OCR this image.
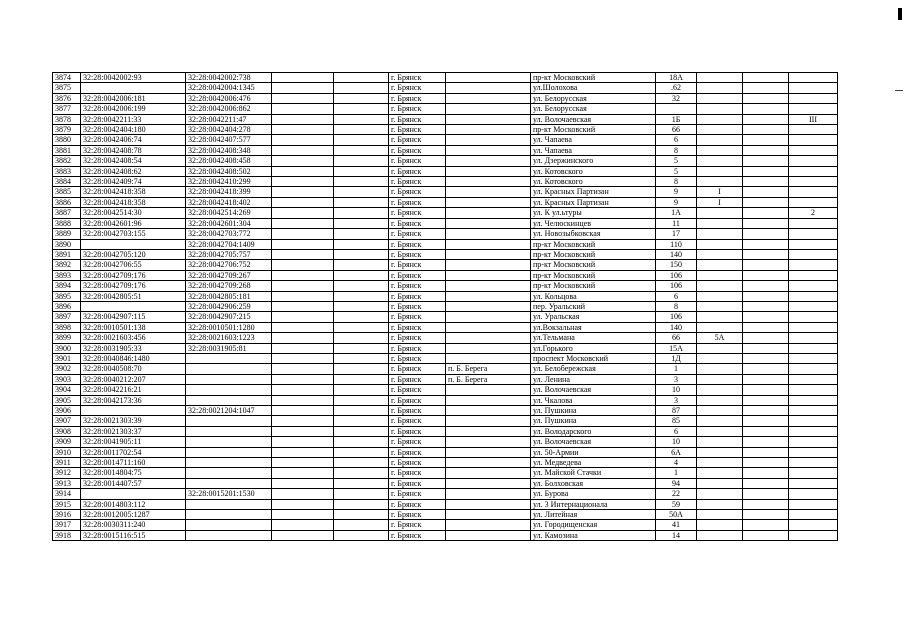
3874	32:28:0042002:93	32:28:0042002:738			г. Брянск		пр-кт Московский	18А			
3875		32:28:0042004:1345			г. Брянск		ул.Шолохова	.62			
3876	32:28:0042006:181	32:28:0042006:476			г. Брянск		ул. Белорусская	32			
3877	32:28:0042006:199	32:28:0042006:862			г. Брянск		ул. Белорусская				
3878	32:28:0042211:33	32:28:0042211:47			г. Брянск		ул. Волочаевская	1Б			III
3879	32:28:0042404:180	32:28:0042404:278			г. Брянск		пр-кт Московский	66			
3880	32:28:0042406:74	32:28:0042407:577			г. Брянск		ул. Чапаева	6			
3881	32:28:0042408:78	32:28:0042408:348			г. Брянск		ул. Чапаева	8			
3882	32:28:0042408:54	32:28:0042408:458			г. Брянск		ул. Дзержинского	5			
3883	32:28:0042408:62	32:28:0042408:502			г. Брянск		ул. Котовского	5			
3884	32:28:0042409:74	32:28:0042410:299			г. Брянск		ул. Котовского	8			
3885	32:28:0042418:358	32:28:0042418:399			г. Брянск		ул. Красных Партизан	9	I		
3886	32:28:0042418:358	32:28:0042418:402			г. Брянск		ул. Красных Партизан	9	I		
3887	32:28:0042514:30	32:28:0042514:269			г. Брянск		ул. К ул.ьтуры	1А			2
3888	32:28:0042601:96	32:28:0042601:304			г. Брянск		ул. Челюскинцев	11			
3889	32:28:0042703:155	32:28:0042703:772			г. Брянск		ул. Новозыбковская	17			
3890		32:28:0042704:1409			г. Брянск		пр-кт Московский	110			
3891	32:28:0042705:120	32:28:0042705:757			г. Брянск		пр-кт Московский	140			
3892	32:28:0042706:55	32:28:0042706:752			г. Брянск		пр-кт Московский	150			
3893	32:28:0042709:176	32:28:0042709:267			г. Брянск		пр-кт Московский	106			
3894	32:28:0042709:176	32:28:0042709:268			г. Брянск		пр-кт Московский	106			
3895	32:28:0042805:51	32:28:0042805:181			г. Брянск		ул. Кольцова	6			
3896		32:28:0042906:259			г. Брянск		пер. Уральский	8			
3897	32:28:0042907:115	32:28:0042907:215			г. Брянск		ул. Уральская	106			
3898	32:28:0010501:138	32:28:0010501:1280			г. Брянск		ул.Вокзальная	140			
3899	32:28:0021603:456	32:28:0021603:1223			г. Брянск		ул.Тельмана	66	5А		
3900	32:28:0031905:33	32:28:0031905:81			г. Брянск		ул.Горького	15А			
3901	32:28:0040846:1480				г. Брянск		проспект Московский	1Д			
3902	32:28:0040508:70				г. Брянск	п. Б. Берега	ул. Белобережская	1			
3903	32:28:0040212:207				г. Брянск	п. Б. Берега	ул. Ленина	3			
3904	32:28:0042216:21				г. Брянск		ул. Волочаевская	10			
3905	32:28:0042173:36				г. Брянск		ул. Чкалова	3			
3906		32:28:0021204:1047			г. Брянск		ул. Пушкина	87			
3907	32:28:0021303:39				г. Брянск		ул. Пушкина	85			
3908	32:28:0021303:37				г. Брянск		ул. Володарского	6			
3909	32:28:0041905:11				г. Брянск		ул. Волочаевская	10			
3910	32:28:0011702:54				г. Брянск		ул. 50-Армии	6А			
3911	32:28:0014711:160				г. Брянск		ул. Медведева	4			
3912	32:28:0014804:75				г. Брянск		ул. Майской Стачки	1			
3913	32:28:0014407:57				г. Брянск		ул. Болховская	94			
3914		32:28:0015201:1530			г. Брянск		ул. Бурова	22			
3915	32:28:0014803:112				г. Брянск		ул. 3 Интернационала	59			
3916	32:28:0012005:1287				г. Брянск		ул. Литейная	50А			
3917	32:28:0030311:240				г. Брянск		ул. Городищенская	41			
3918	32:28:0015116:515				г. Брянск		ул. Камозина	14			
